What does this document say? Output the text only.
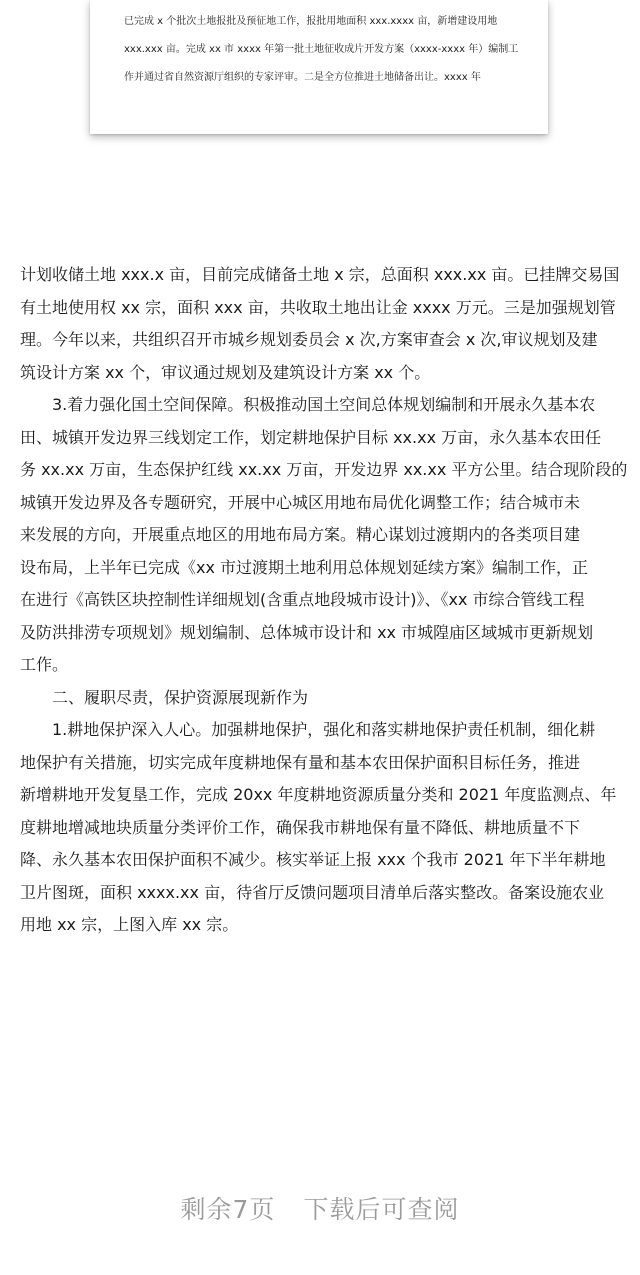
已完成 x 个批次土地报批及预征地工作，报批用地面积 xxx.xxxx 亩，新增建设用地

xxx.xxx 亩。完成 xx 市 xxxx 年第一批土地征收成片开发方案（xxxx-xxxx 年）编制工

作并通过省自然资源厅组织的专家评审。二是全方位推进土地储备出让。xxxx 年

计划收储土地 xxx.x 亩，目前完成储备土地 x 宗，总面积 xxx.xx 亩。已挂牌交易国

有土地使用权 xx 宗，面积 xxx 亩，共收取土地出让金 xxxx 万元。三是加强规划管

理。今年以来，共组织召开市城乡规划委员会 x 次,方案审查会 x 次,审议规划及建

筑设计方案 xx 个，审议通过规划及建筑设计方案 xx 个。

　　3.着力强化国土空间保障。积极推动国土空间总体规划编制和开展永久基本农

田、城镇开发边界三线划定工作，划定耕地保护目标 xx.xx 万亩，永久基本农田任

务 xx.xx 万亩，生态保护红线 xx.xx 万亩，开发边界 xx.xx 平方公里。结合现阶段的

城镇开发边界及各专题研究，开展中心城区用地布局优化调整工作；结合城市未

来发展的方向，开展重点地区的用地布局方案。精心谋划过渡期内的各类项目建

设布局，上半年已完成《xx 市过渡期土地利用总体规划延续方案》编制工作，正

在进行《高铁区块控制性详细规划(含重点地段城市设计)》、《xx 市综合管线工程

及防洪排涝专项规划》规划编制、总体城市设计和 xx 市城隍庙区域城市更新规划

工作。

　　二、履职尽责，保护资源展现新作为

　　1.耕地保护深入人心。加强耕地保护，强化和落实耕地保护责任机制，细化耕

地保护有关措施，切实完成年度耕地保有量和基本农田保护面积目标任务，推进

新增耕地开发复垦工作，完成 20xx 年度耕地资源质量分类和 2021 年度监测点、年

度耕地增减地块质量分类评价工作，确保我市耕地保有量不降低、耕地质量不下

降、永久基本农田保护面积不减少。核实举证上报 xxx 个我市 2021 年下半年耕地

卫片图斑，面积 xxxx.xx 亩，待省厅反馈问题项目清单后落实整改。备案设施农业

用地 xx 宗，上图入库 xx 宗。

剩余7页 下载后可查阅
